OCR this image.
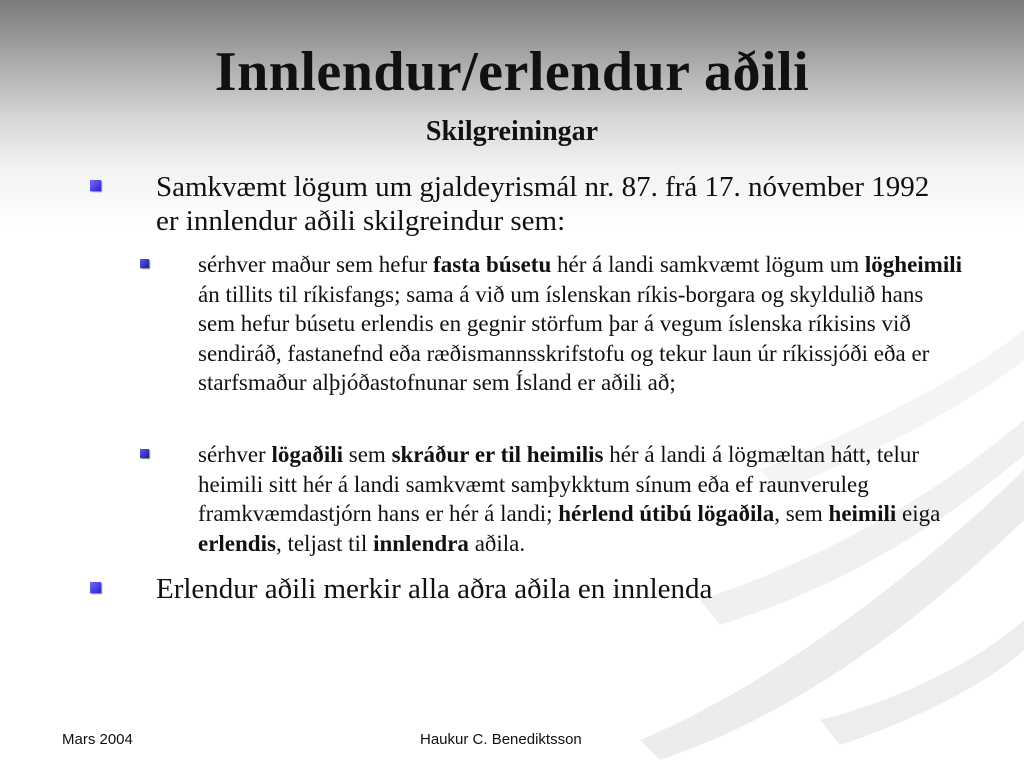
Innlendur/erlendur aðili
Skilgreiningar
Samkvæmt lögum um gjaldeyrismál nr. 87. frá 17. nóvember 1992 er innlendur aðili skilgreindur sem:
sérhver maður sem hefur fasta búsetu hér á landi samkvæmt lögum um lögheimili án tillits til ríkisfangs; sama á við um íslenskan ríkis-borgara og skyldulið hans sem hefur búsetu erlendis en gegnir störfum þar á vegum íslenska ríkisins við sendiráð, fastanefnd eða ræðismannsskrifstofu og tekur laun úr ríkissjóði eða er starfsmaður alþjóðastofnunar sem Ísland er aðili að;
sérhver lögaðili sem skráður er til heimilis hér á landi á lögmæltan hátt, telur heimili sitt hér á landi samkvæmt samþykktum sínum eða ef raunveruleg framkvæmdastjórn hans er hér á landi; hérlend útibú lögaðila, sem heimili eiga erlendis, teljast til innlendra aðila.
Erlendur aðili merkir alla aðra aðila en innlenda
Mars 2004	Haukur C. Benediktsson
